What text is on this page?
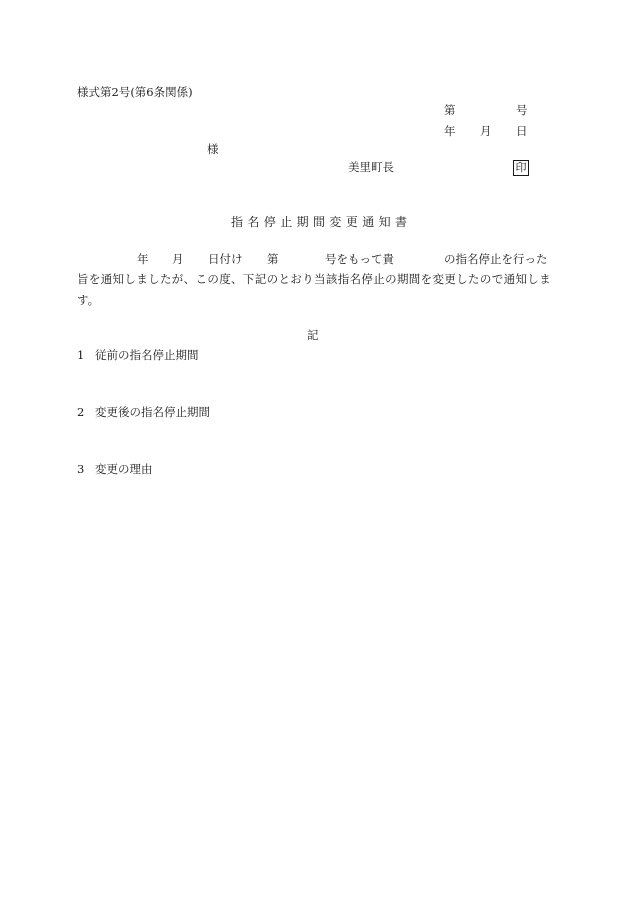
様式第2号(第6条関係)
第	号
年 月 日
様
美里町長	印
指名停止期間変更通知書
年 月 日付け 第	号をもって貴	の指名停止を行った
旨を通知しましたが、この度、下記のとおり当該指名停止の期間を変更したので通知しま
す。
記
1 従前の指名停止期間
2 変更後の指名停止期間
3 変更の理由
